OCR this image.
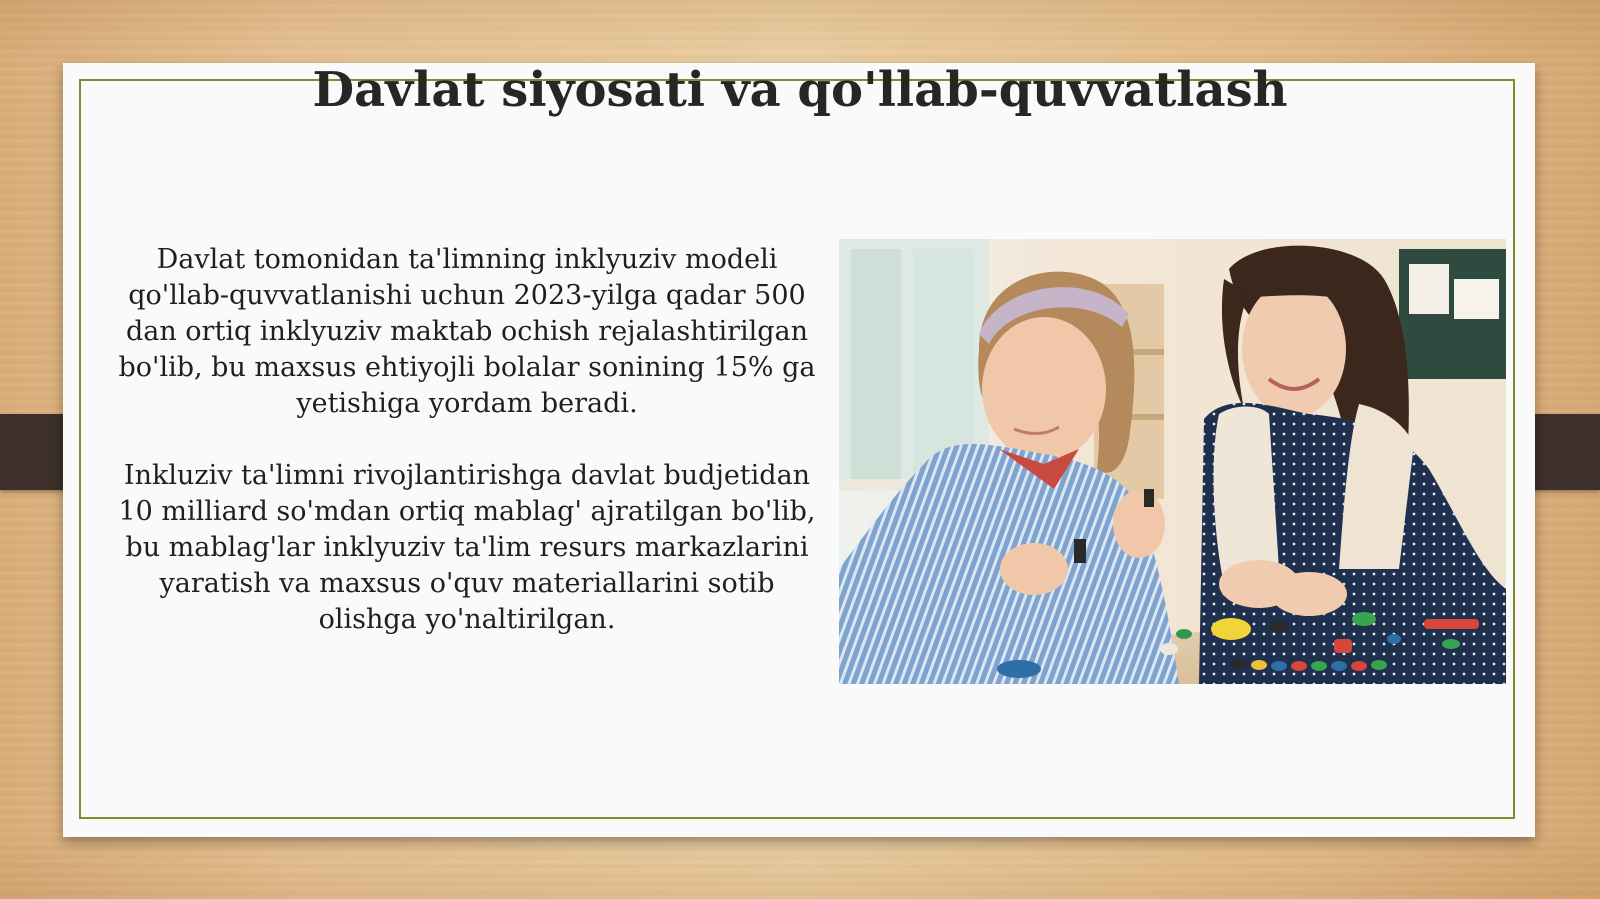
Davlat siyosati va qo'llab-quvvatlash

Davlat tomonidan ta'limning inklyuziv modeli qo'llab-quvvatlanishi uchun 2023-yilga qadar 500 dan ortiq inklyuziv maktab ochish rejalashtirilgan bo'lib, bu maxsus ehtiyojli bolalar sonining 15% ga yetishiga yordam beradi.

Inkluziv ta'limni rivojlantirishga davlat budjetidan 10 milliard so'mdan ortiq mablag' ajratilgan bo'lib, bu mablag'lar inklyuziv ta'lim resurs markazlarini yaratish va maxsus o'quv materiallarini sotib olishga yo'naltirilgan.
